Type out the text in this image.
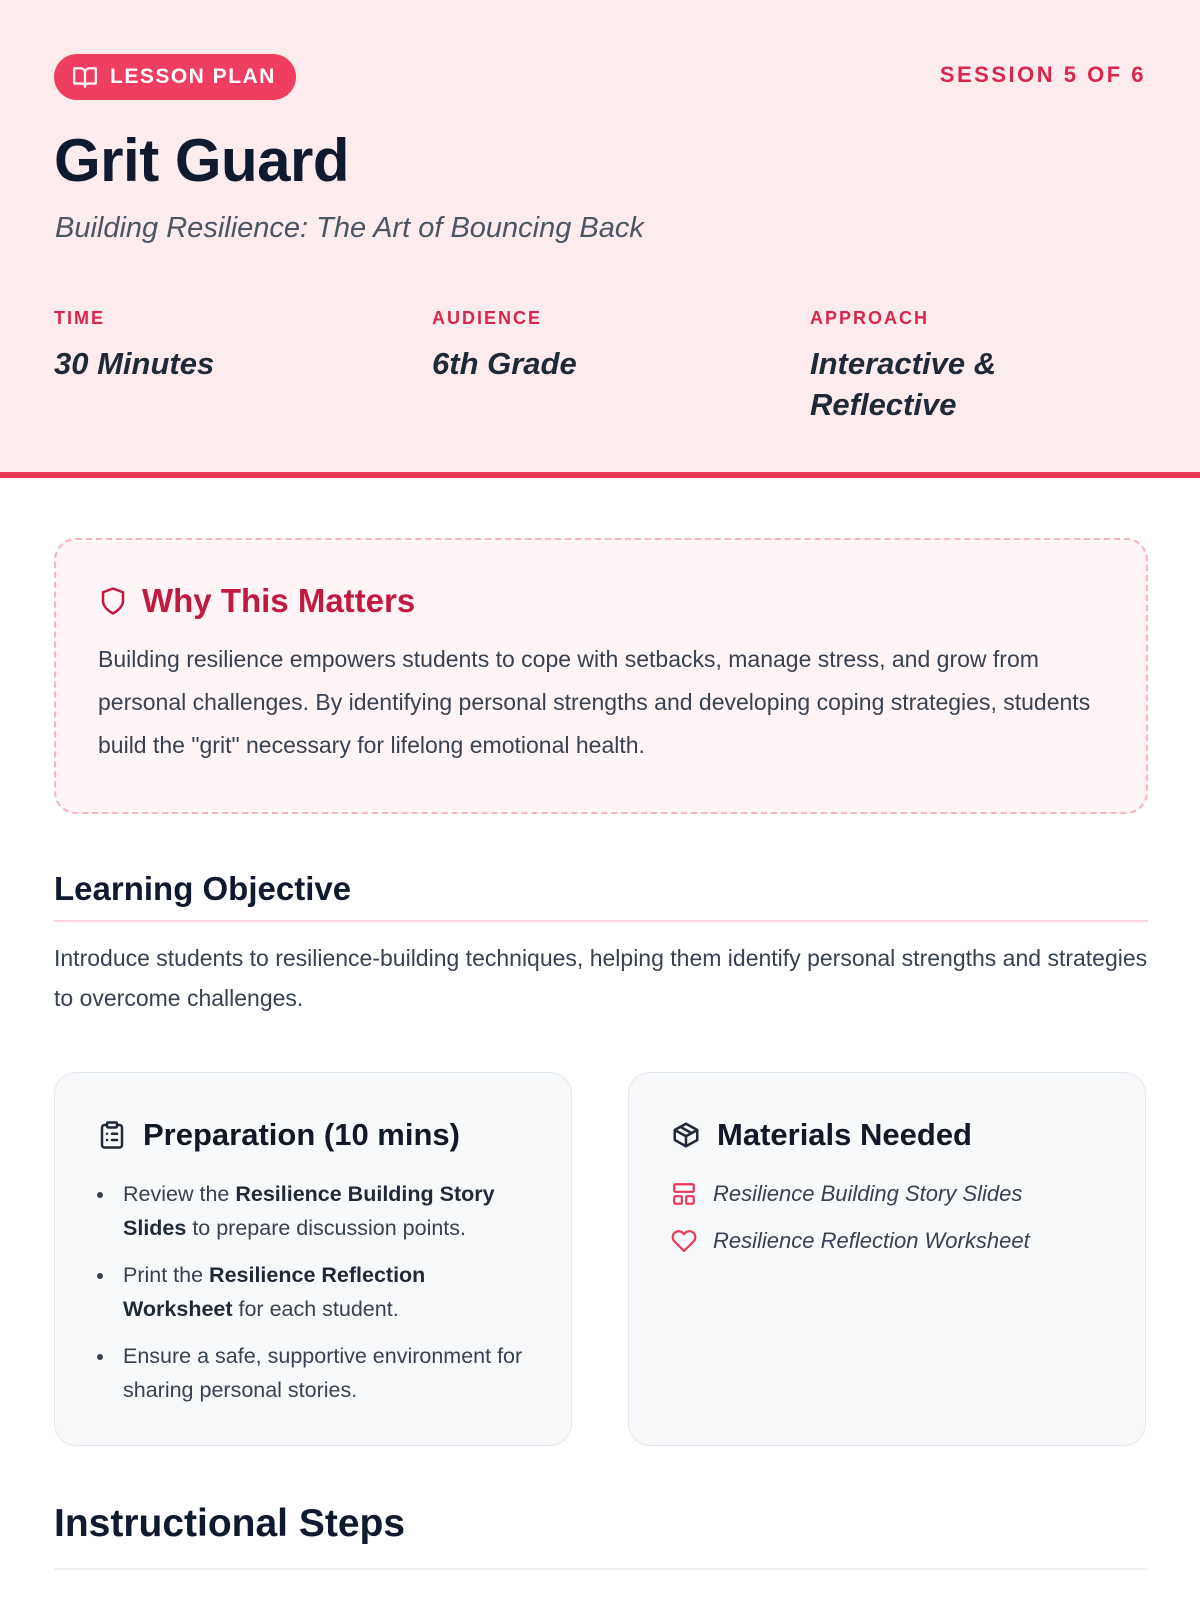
LESSON PLAN	SESSION 5 OF 6
Grit Guard
Building Resilience: The Art of Bouncing Back
TIME
30 Minutes
AUDIENCE
6th Grade
APPROACH
Interactive & Reflective
Why This Matters
Building resilience empowers students to cope with setbacks, manage stress, and grow from personal challenges. By identifying personal strengths and developing coping strategies, students build the "grit" necessary for lifelong emotional health.
Learning Objective
Introduce students to resilience-building techniques, helping them identify personal strengths and strategies to overcome challenges.
Preparation (10 mins)
Review the Resilience Building Story Slides to prepare discussion points.
Print the Resilience Reflection Worksheet for each student.
Ensure a safe, supportive environment for sharing personal stories.
Materials Needed
Resilience Building Story Slides
Resilience Reflection Worksheet
Instructional Steps
